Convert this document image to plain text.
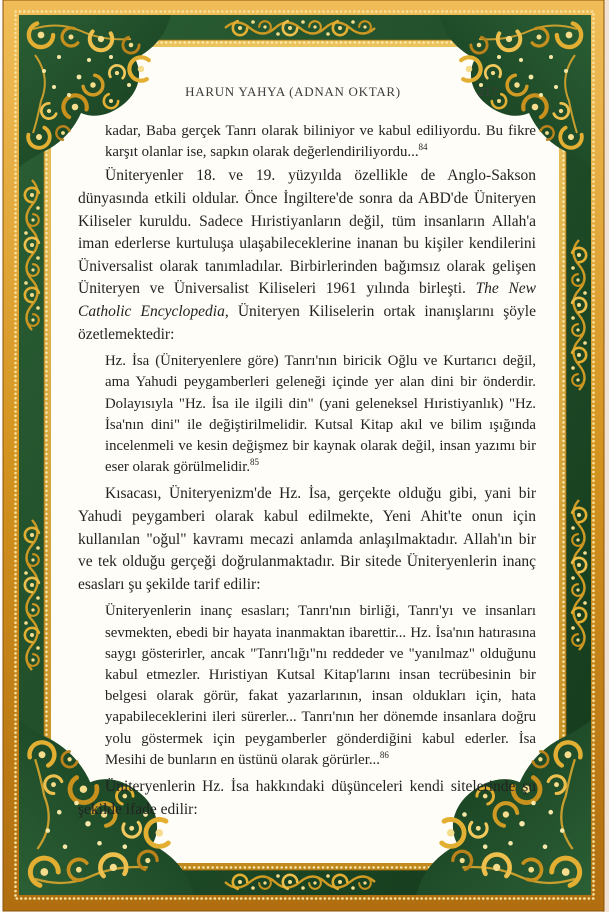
HARUN YAHYA (ADNAN OKTAR)	217

kadar, Baba gerçek Tanrı olarak biliniyor ve kabul ediliyordu. Bu fikre karşıt olanlar ise, sapkın olarak değerlendiriliyordu...$^{84}$

Üniteryenler 18. ve 19. yüzyılda özellikle de Anglo-Sakson dünyasında etkili oldular. Önce İngiltere'de sonra da ABD'de Üniteryen Kiliseler kuruldu. Sadece Hıristiyanların değil, tüm insanların Allah'a iman ederlerse kurtuluşa ulaşabileceklerine inanan bu kişiler kendilerini Üniversalist olarak tanımladılar. Birbirlerinden bağımsız olarak gelişen Üniteryen ve Üniversalist Kiliseleri 1961 yılında birleşti. The New Catholic Encyclopedia, Üniteryen Kiliselerin ortak inanışlarını şöyle özetlemektedir:

Hz. İsa (Üniteryenlere göre) Tanrı'nın biricik Oğlu ve Kurtarıcı değil, ama Yahudi peygamberleri geleneği içinde yer alan dini bir önderdir. Dolayısıyla "Hz. İsa ile ilgili din" (yani geleneksel Hıristiyanlık) "Hz. İsa'nın dini" ile değiştirilmelidir. Kutsal Kitap akıl ve bilim ışığında incelenmeli ve kesin değişmez bir kaynak olarak değil, insan yazımı bir eser olarak görülmelidir.$^{85}$

Kısacası, Üniteryenizm'de Hz. İsa, gerçekte olduğu gibi, yani bir Yahudi peygamberi olarak kabul edilmekte, Yeni Ahit'te onun için kullanılan "oğul" kavramı mecazi anlamda anlaşılmaktadır. Allah'ın bir ve tek olduğu gerçeği doğrulanmaktadır. Bir sitede Üniteryenlerin inanç esasları şu şekilde tarif edilir:

Üniteryenlerin inanç esasları; Tanrı'nın birliği, Tanrı'yı ve insanları sevmekten, ebedi bir hayata inanmaktan ibarettir... Hz. İsa'nın hatırasına saygı gösterirler, ancak "Tanrı'lığı"nı reddeder ve "yanılmaz" olduğunu kabul etmezler. Hıristiyan Kutsal Kitap'larını insan tecrübesinin bir belgesi olarak görür, fakat yazarlarının, insan oldukları için, hata yapabileceklerini ileri sürerler... Tanrı'nın her dönemde insanlara doğru yolu göstermek için peygamberler gönderdiğini kabul ederler. İsa Mesihi de bunların en üstünü olarak görürler...$^{86}$

Üniteryenlerin Hz. İsa hakkındaki düşünceleri kendi sitelerinde şu şekilde ifade edilir:
